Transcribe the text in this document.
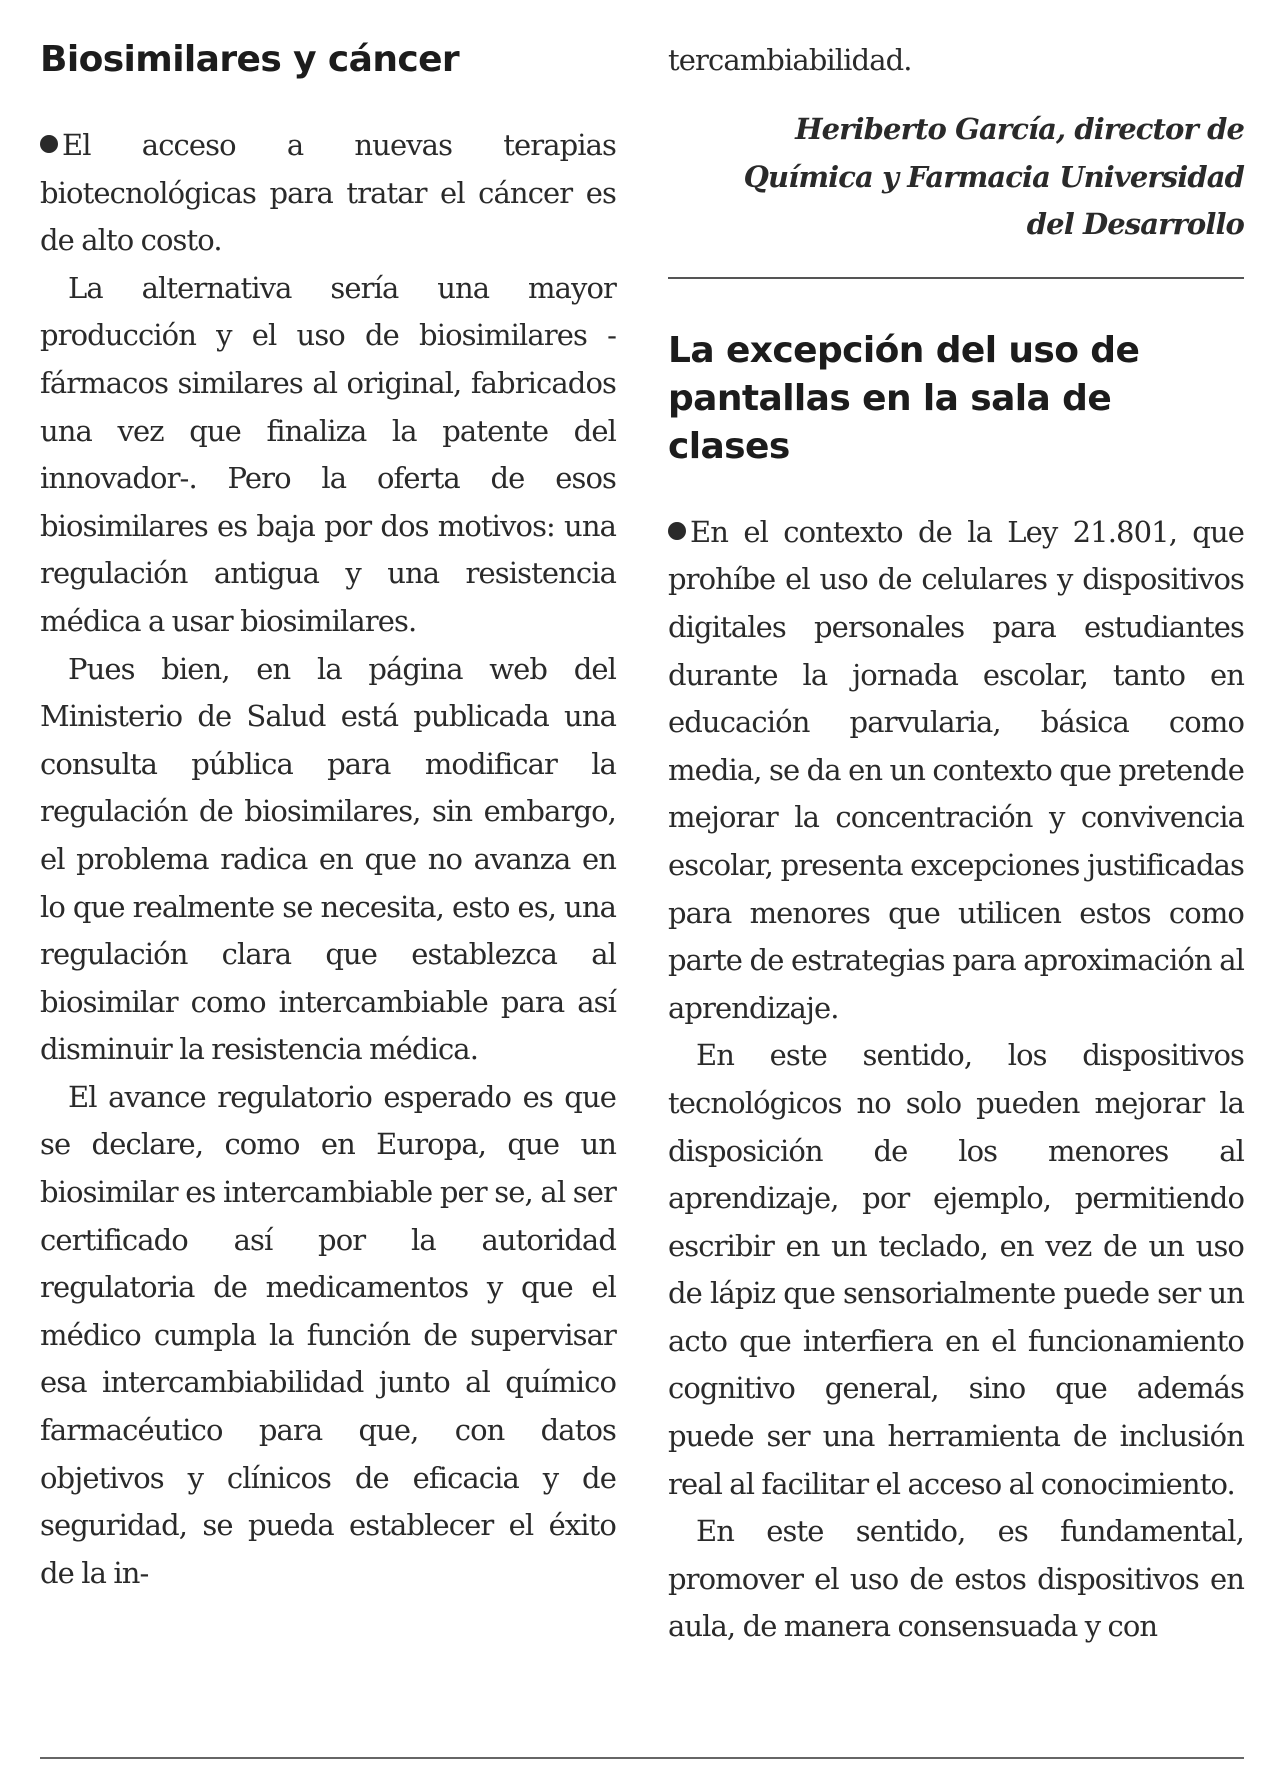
Biosimilares y cáncer

El acceso a nuevas terapias biotecnológicas para tratar el cáncer es de alto costo.

La alternativa sería una mayor producción y el uso de biosimilares -fármacos similares al original, fabricados una vez que finaliza la patente del innovador-. Pero la oferta de esos biosimilares es baja por dos motivos: una regulación antigua y una resistencia médica a usar biosimilares.

Pues bien, en la página web del Ministerio de Salud está publicada una consulta pública para modificar la regulación de biosimilares, sin embargo, el problema radica en que no avanza en lo que realmente se necesita, esto es, una regulación clara que establezca al biosimilar como intercambiable para así disminuir la resistencia médica.

El avance regulatorio esperado es que se declare, como en Europa, que un biosimilar es intercambiable per se, al ser certificado así por la autoridad regulatoria de medicamentos y que el médico cumpla la función de supervisar esa intercambiabilidad junto al químico farmacéutico para que, con datos objetivos y clínicos de eficacia y de seguridad, se pueda establecer el éxito de la in-

tercambiabilidad.

Heriberto García, director de

Química y Farmacia Universidad

del Desarrollo

La excepción del uso de
pantallas en la sala de clases

En el contexto de la Ley 21.801, que prohíbe el uso de celulares y dispositivos digitales personales para estudiantes durante la jornada escolar, tanto en educación parvularia, básica como media, se da en un contexto que pretende mejorar la concentración y convivencia escolar, presenta excepciones justificadas para menores que utilicen estos como parte de estrategias para aproximación al aprendizaje.

En este sentido, los dispositivos tecnológicos no solo pueden mejorar la disposición de los menores al aprendizaje, por ejemplo, permitiendo escribir en un teclado, en vez de un uso de lápiz que sensorialmente puede ser un acto que interfiera en el funcionamiento cognitivo general, sino que además puede ser una herramienta de inclusión real al facilitar el acceso al conocimiento.

En este sentido, es fundamental, promover el uso de estos dispositivos en aula, de manera consensuada y con
